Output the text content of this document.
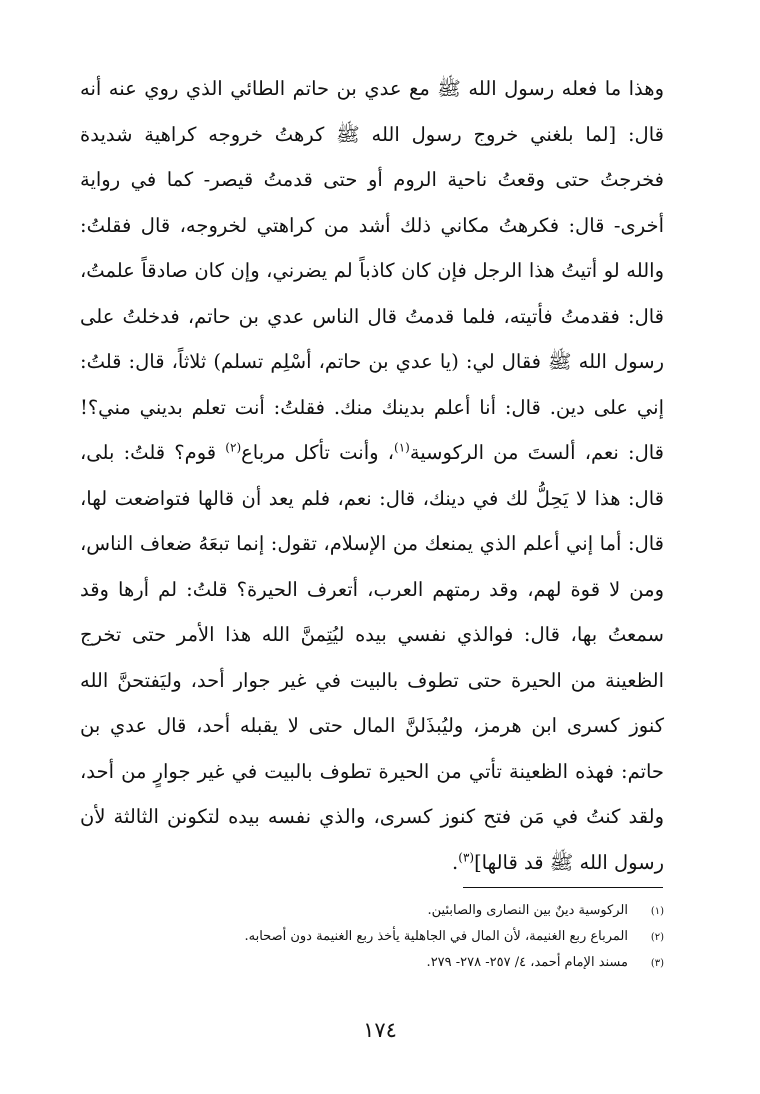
وهذا ما فعله رسول الله ﷺ مع عدي بن حاتم الطائي الذي روي عنه أنه قال: [لما بلغني خروج رسول الله ﷺ كرهتُ خروجه كراهية شديدة فخرجتُ حتى وقعتُ ناحية الروم أو حتى قدمتُ قيصر- كما في رواية أخرى- قال: فكرهتُ مكاني ذلك أشد من كراهتي لخروجه، قال فقلتُ: والله لو أتيتُ هذا الرجل فإن كان كاذباً لم يضرني، وإن كان صادقاً علمتُ، قال: فقدمتُ فأتيته، فلما قدمتُ قال الناس عدي بن حاتم، فدخلتُ على رسول الله ﷺ فقال لي: (يا عدي بن حاتم، أسْلِم تسلم) ثلاثاً، قال: قلتُ: إني على دين. قال: أنا أعلم بدينك منك. فقلتُ: أنت تعلم بديني مني؟! قال: نعم، ألستَ من الركوسية$^{(١)}$، وأنت تأكل مرباع$^{(٢)}$ قوم؟ قلتُ: بلى، قال: هذا لا يَحِلُّ لك في دينك، قال: نعم، فلم يعد أن قالها فتواضعت لها، قال: أما إني أعلم الذي يمنعك من الإسلام، تقول: إنما تبعَهُ ضعاف الناس، ومن لا قوة لهم، وقد رمتهم العرب، أتعرف الحيرة؟ قلتُ: لم أرها وقد سمعتُ بها، قال: فوالذي نفسي بيده ليُتِمنَّ الله هذا الأمر حتى تخرج الظعينة من الحيرة حتى تطوف بالبيت في غير جوار أحد، وليَفتحنَّ الله كنوز كسرى ابن هرمز، وليُبذَلنَّ المال حتى لا يقبله أحد، قال عدي بن حاتم: فهذه الظعينة تأتي من الحيرة تطوف بالبيت في غير جوارٍ من أحد، ولقد كنتُ في مَن فتح كنوز كسرى، والذي نفسه بيده لتكونن الثالثة لأن رسول الله ﷺ قد قالها]$^{(٣)}$.

(١)
الركوسية دينٌ بين النصارى والصابئين.
(٢)
المرباع ربع الغنيمة، لأن المال في الجاهلية يأخذ ربع الغنيمة دون أصحابه.
(٣)
مسند الإمام أحمد، ٤/ ٢٥٧- ٢٧٨- ٢٧٩.
١٧٤
